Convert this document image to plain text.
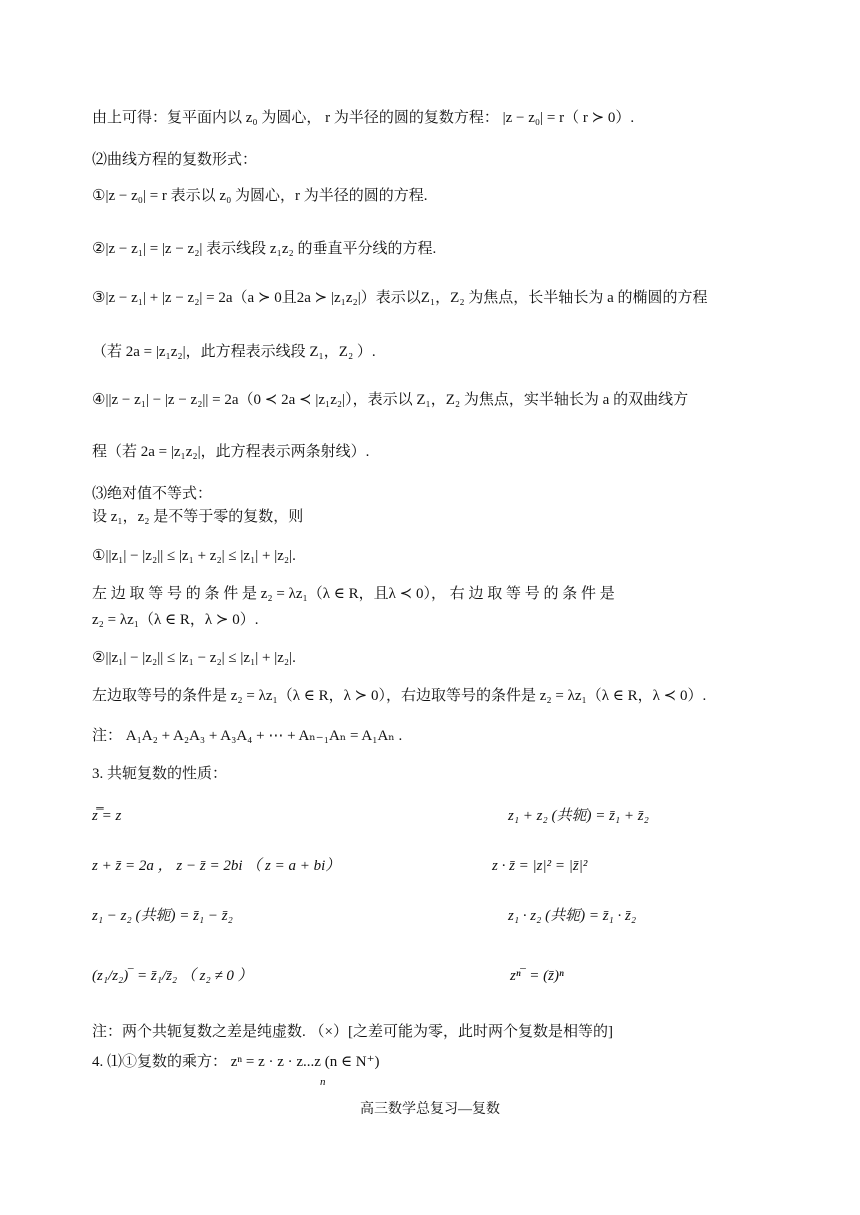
由上可得：复平面内以 z₀ 为圆心， r 为半径的圆的复数方程： |z − z₀| = r（ r ≻ 0）.
⑵曲线方程的复数形式：
①|z − z₀| = r 表示以 z₀ 为圆心，r 为半径的圆的方程.
②|z − z₁| = |z − z₂| 表示线段 z₁z₂ 的垂直平分线的方程.
③|z − z₁| + |z − z₂| = 2a（a ≻ 0且2a ≻ |z₁z₂|）表示以Z₁，Z₂ 为焦点，长半轴长为 a 的椭圆的方程
（若 2a = |z₁z₂|，此方程表示线段 Z₁，Z₂ ）.
④||z − z₁| − |z − z₂|| = 2a（0 ≺ 2a ≺ |z₁z₂|），表示以 Z₁，Z₂ 为焦点，实半轴长为 a 的双曲线方
程（若 2a = |z₁z₂|，此方程表示两条射线）.
⑶绝对值不等式：
设 z₁，z₂ 是不等于零的复数，则
①||z₁| − |z₂|| ≤ |z₁ + z₂| ≤ |z₁| + |z₂|.
左 边 取 等 号 的 条 件 是 z₂ = λz₁（λ ∈ R，且λ ≺ 0）， 右 边 取 等 号 的 条 件 是
z₂ = λz₁（λ ∈ R，λ ≻ 0）.
②||z₁| − |z₂|| ≤ |z₁ − z₂| ≤ |z₁| + |z₂|.
左边取等号的条件是 z₂ = λz₁（λ ∈ R，λ ≻ 0），右边取等号的条件是 z₂ = λz₁（λ ∈ R，λ ≺ 0）.
注： A₁A₂ + A₂A₃ + A₃A₄ + ⋯ + Aₙ₋₁Aₙ = A₁Aₙ .
3. 共轭复数的性质：
z̿ = z	z₁ + z₂ (共轭) = z̄₁ + z̄₂
z + z̄ = 2a ， z − z̄ = 2bi （ z = a + bi）	z · z̄ = |z|² = |z̄|²
z₁ − z₂ (共轭) = z̄₁ − z̄₂	z₁ · z₂ (共轭) = z̄₁ · z̄₂
(z₁/z₂)‾ = z̄₁/z̄₂ （ z₂ ≠ 0 ）	zⁿ‾ = (z̄)ⁿ
注：两个共轭复数之差是纯虚数. （×）[之差可能为零，此时两个复数是相等的]
4. ⑴①复数的乘方： zⁿ = z · z · z...z (n ∈ N⁺)
n
高三数学总复习—复数
